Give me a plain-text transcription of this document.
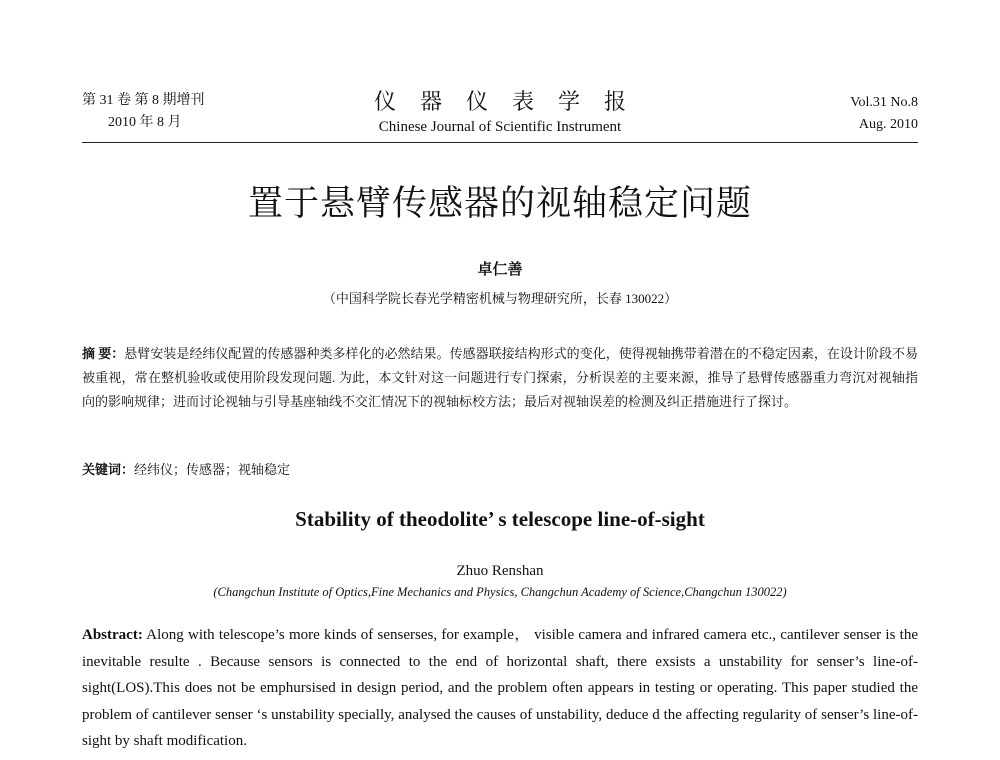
第 31 卷 第 8 期增刊
2010 年 8 月
仪器仪表学报
Chinese Journal of Scientific Instrument
Vol.31 No.8
Aug. 2010
置于悬臂传感器的视轴稳定问题
卓仁善
（中国科学院长春光学精密机械与物理研究所，长春 130022）
摘 要：悬臂安装是经纬仪配置的传感器种类多样化的必然结果。传感器联接结构形式的变化，使得视轴携带着潜在的不稳定因素，在设计阶段不易被重视，常在整机验收或使用阶段发现问题. 为此，本文针对这一问题进行专门探索，分析误差的主要来源，推导了悬臂传感器重力弯沉对视轴指向的影响规律；进而讨论视轴与引导基座轴线不交汇情况下的视轴标校方法；最后对视轴误差的检测及纠正措施进行了探讨。
关键词：经纬仪；传感器；视轴稳定
Stability of theodolite’ s telescope line-of-sight
Zhuo Renshan
(Changchun Institute of Optics,Fine Mechanics and Physics, Changchun Academy of Science,Changchun 130022)
Abstract: Along with telescope’s more kinds of senserses, for example， visible camera and infrared camera etc., cantilever senser is the inevitable resulte . Because sensors is connected to the end of horizontal shaft, there exsists a unstability for senser’s line-of-sight(LOS).This does not be emphursised in design period, and the problem often appears in testing or operating. This paper studied the problem of cantilever senser ‘s unstability specially, analysed the causes of unstability, deduce d the affecting regularity of senser’s line-of-sight by shaft modification.
